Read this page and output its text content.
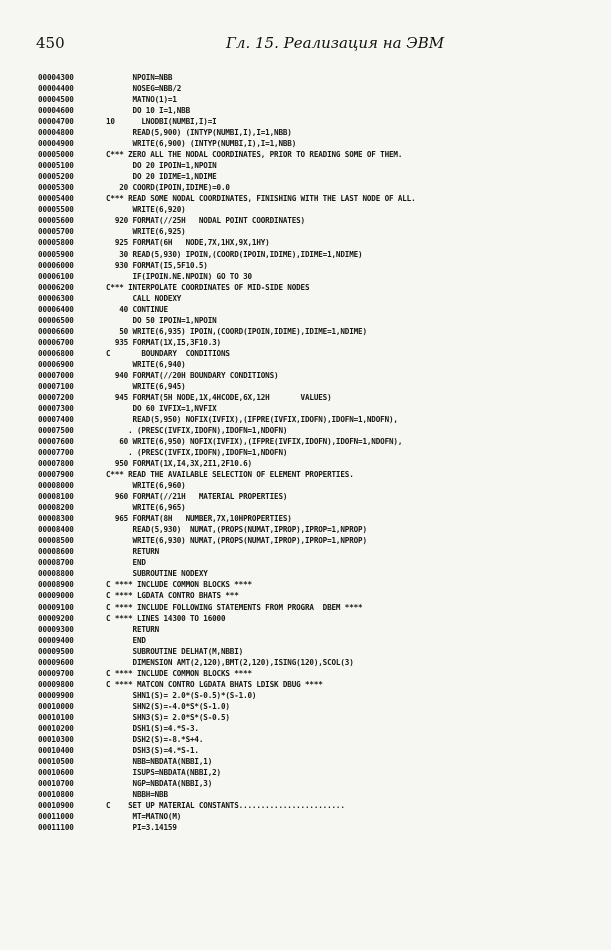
450	Гл. 15. Реализация на ЭВМ
00004300	NPOIN=NBB
00004400	NOSEG=NBB/2
00004500	MATNO(1)=1
00004600	DO 10 I=1,NBB
00004700	10      LNODBI(NUMBI,I)=I
00004800	READ(5,900) (INTYP(NUMBI,I),I=1,NBB)
00004900	WRITE(6,900) (INTYP(NUMBI,I),I=1,NBB)
00005000	C*** ZERO ALL THE NODAL COORDINATES, PRIOR TO READING SOME OF THEM.
00005100	DO 20 IPOIN=1,NPOIN
00005200	DO 20 IDIME=1,NDIME
00005300	20 COORD(IPOIN,IDIME)=0.0
00005400	C*** READ SOME NODAL COORDINATES, FINISHING WITH THE LAST NODE OF ALL.
00005500	WRITE(6,920)
00005600	920 FORMAT(//25H   NODAL POINT COORDINATES)
00005700	WRITE(6,925)
00005800	925 FORMAT(6H   NODE,7X,1HX,9X,1HY)
00005900	30 READ(5,930) IPOIN,(COORD(IPOIN,IDIME),IDIME=1,NDIME)
00006000	930 FORMAT(I5,5F10.5)
00006100	IF(IPOIN.NE.NPOIN) GO TO 30
00006200	C*** INTERPOLATE COORDINATES OF MID-SIDE NODES
00006300	CALL NODEXY
00006400	40 CONTINUE
00006500	DO 50 IPOIN=1,NPOIN
00006600	50 WRITE(6,935) IPOIN,(COORD(IPOIN,IDIME),IDIME=1,NDIME)
00006700	935 FORMAT(1X,I5,3F10.3)
00006800	C       BOUNDARY  CONDITIONS
00006900	WRITE(6,940)
00007000	940 FORMAT(//20H BOUNDARY CONDITIONS)
00007100	WRITE(6,945)
00007200	945 FORMAT(5H NODE,1X,4HCODE,6X,12H       VALUES)
00007300	DO 60 IVFIX=1,NVFIX
00007400	READ(5,950) NOFIX(IVFIX),(IFPRE(IVFIX,IDOFN),IDOFN=1,NDOFN),
00007500	. (PRESC(IVFIX,IDOFN),IDOFN=1,NDOFN)
00007600	60 WRITE(6,950) NOFIX(IVFIX),(IFPRE(IVFIX,IDOFN),IDOFN=1,NDOFN),
00007700	. (PRESC(IVFIX,IDOFN),IDOFN=1,NDOFN)
00007800	950 FORMAT(1X,I4,3X,2I1,2F10.6)
00007900	C*** READ THE AVAILABLE SELECTION OF ELEMENT PROPERTIES.
00008000	WRITE(6,960)
00008100	960 FORMAT(//21H   MATERIAL PROPERTIES)
00008200	WRITE(6,965)
00008300	965 FORMAT(8H   NUMBER,7X,10HPROPERTIES)
00008400	READ(5,930)  NUMAT,(PROPS(NUMAT,IPROP),IPROP=1,NPROP)
00008500	WRITE(6,930) NUMAT,(PROPS(NUMAT,IPROP),IPROP=1,NPROP)
00008600	RETURN
00008700	END
00008800	SUBROUTINE NODEXY
00008900	C **** INCLUDE COMMON BLOCKS ****
00009000	C **** LGDATA CONTRO BHATS ***
00009100	C **** INCLUDE FOLLOWING STATEMENTS FROM PROGRA  DBEM ****
00009200	C **** LINES 14300 TO 16000
00009300	RETURN
00009400	END
00009500	SUBROUTINE DELHAT(M,NBBI)
00009600	DIMENSION AMT(2,120),BMT(2,120),ISING(120),SCOL(3)
00009700	C **** INCLUDE COMMON BLOCKS ****
00009800	C **** MATCON CONTRO LGDATA BHATS LDISK DBUG ****
00009900	SHN1(S)= 2.0*(S-0.5)*(S-1.0)
00010000	SHN2(S)=-4.0*S*(S-1.0)
00010100	SHN3(S)= 2.0*S*(S-0.5)
00010200	DSH1(S)=4.*S-3.
00010300	DSH2(S)=-8.*S+4.
00010400	DSH3(S)=4.*S-1.
00010500	NBB=NBDATA(NBBI,1)
00010600	ISUPS=NBDATA(NBBI,2)
00010700	NGP=NBDATA(NBBI,3)
00010800	NBBH=NBB
00010900	C    SET UP MATERIAL CONSTANTS........................
00011000	MT=MATNO(M)
00011100	PI=3.14159
